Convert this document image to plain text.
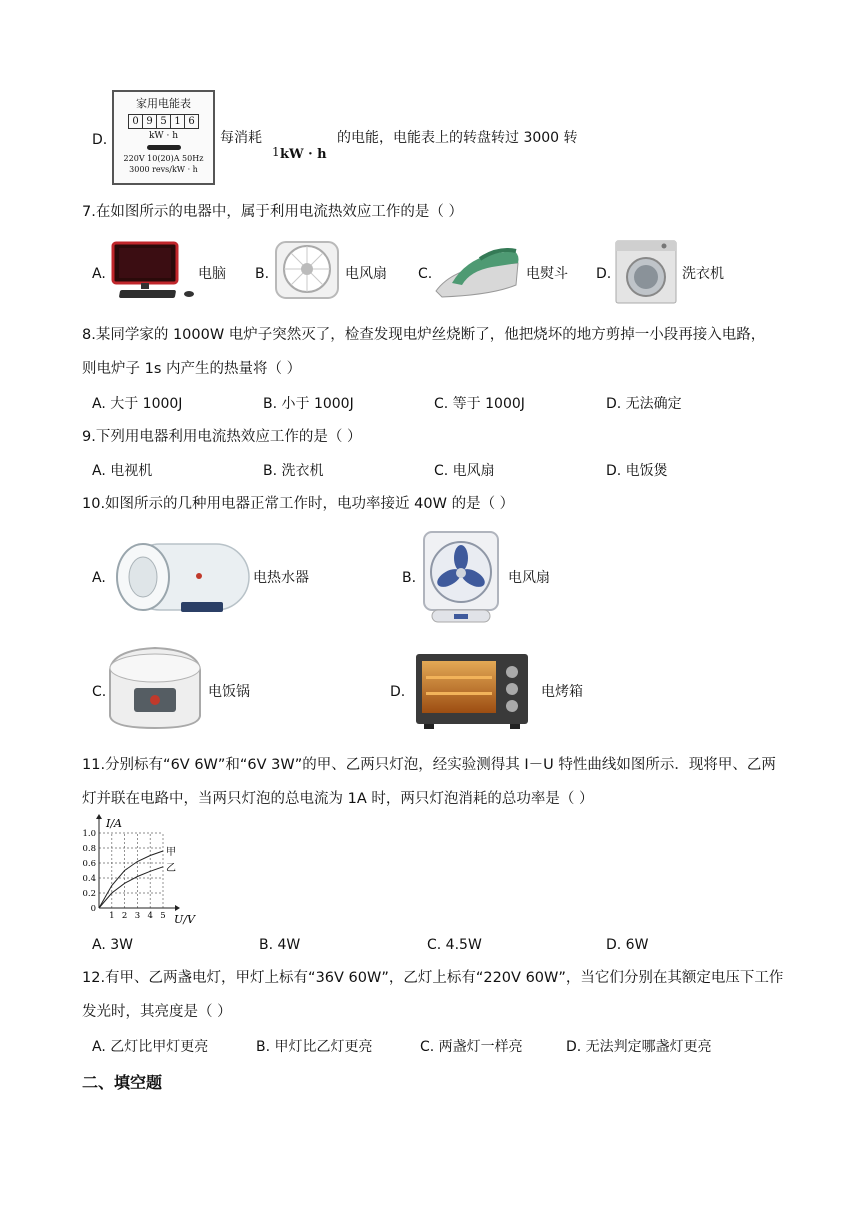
D.
家用电能表
0 9 5 1 6
kW · h
220V 10(20)A 50Hz
3000 revs/kW · h
每消耗
1 kW · h
的电能，电能表上的转盘转过 3000 转
7.在如图所示的电器中，属于利用电流热效应工作的是（ ）
A.	电脑 B.	电风扇 C.	电熨斗 D.	洗衣机
8.某同学家的 1000W 电炉子突然灭了，检查发现电炉丝烧断了，他把烧坏的地方剪掉一小段再接入电路，
则电炉子 1s 内产生的热量将（ ）
A. 大于 1000J	B. 小于 1000J	C. 等于 1000J	D. 无法确定
9.下列用电器利用电流热效应工作的是（ ）
A. 电视机	B. 洗衣机	C. 电风扇	D. 电饭煲
10.如图所示的几种用电器正常工作时，电功率接近 40W 的是（ ）
A.	电热水器	B.	电风扇
C.	电饭锅	D.	电烤箱
11.分别标有“6V 6W”和“6V 3W”的甲、乙两只灯泡，经实验测得其 I－U 特性曲线如图所示．现将甲、乙两
灯并联在电路中，当两只灯泡的总电流为 1A 时，两只灯泡消耗的总功率是（ ）
I/A
U/V
1.0
0.8
0.6
0.4
0.2
0
1 2 3 4 5
甲
乙
A. 3W	B. 4W	C. 4.5W	D. 6W
12.有甲、乙两盏电灯，甲灯上标有“36V 60W”，乙灯上标有“220V 60W”，当它们分别在其额定电压下工作
发光时，其亮度是（ ）
A. 乙灯比甲灯更亮	B. 甲灯比乙灯更亮	C. 两盏灯一样亮	D. 无法判定哪盏灯更亮
二、填空题
